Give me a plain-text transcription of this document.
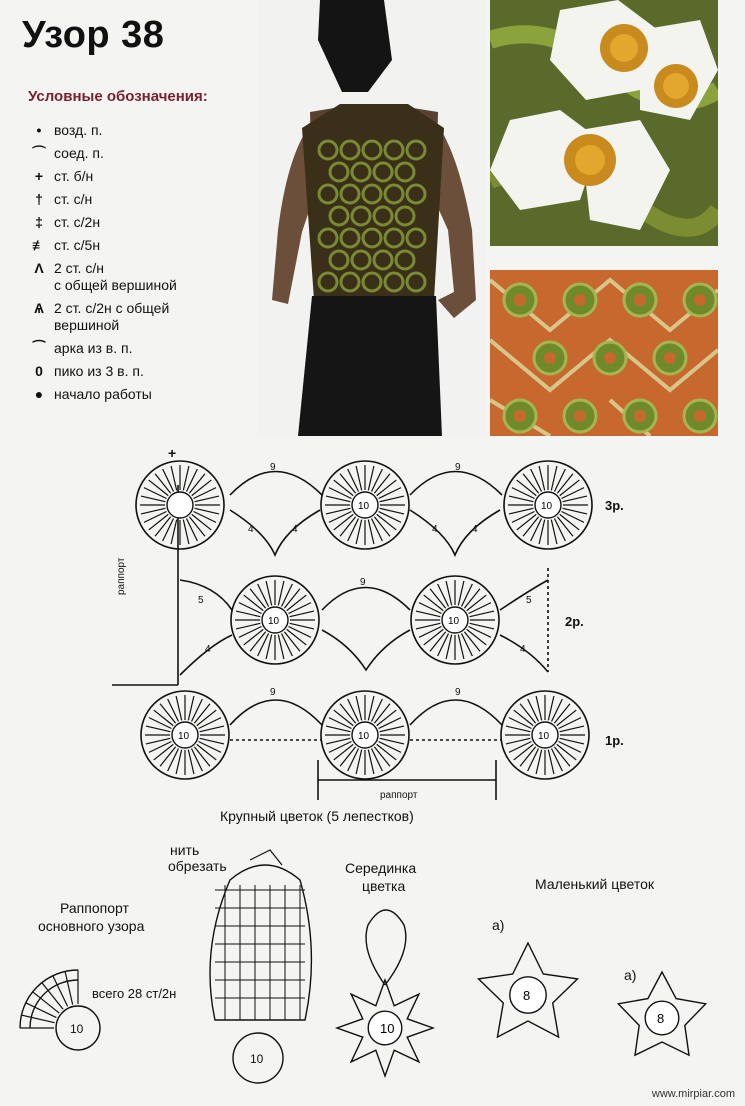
Узор 38
Условные обозначения:
• возд. п.
⌒ соед. п.
+ ст. б/н
† ст. с/н
‡ ст. с/2н
≢ ст. с/5н
Λ 2 ст. с/н
с общей вершиной
Ѧ 2 ст. с/2н с общей
вершиной
⁀ арка из в. п.
0 пико из 3 в. п.
● начало работы
10	10
10	10
10	10	10
9	9
4	4	4	4
5
9
5
4	4
9	9
3р.
2р.
1р.
раппорт
раппорт
+
Крупный цветок (5 лепестков)
нить
обрезать	Серединка
цветка	Маленький цветок
Раппопорт
основного узора
всего 28 ст/2н
10
8
8
10
10
а)
а)
www.mirpiar.com
